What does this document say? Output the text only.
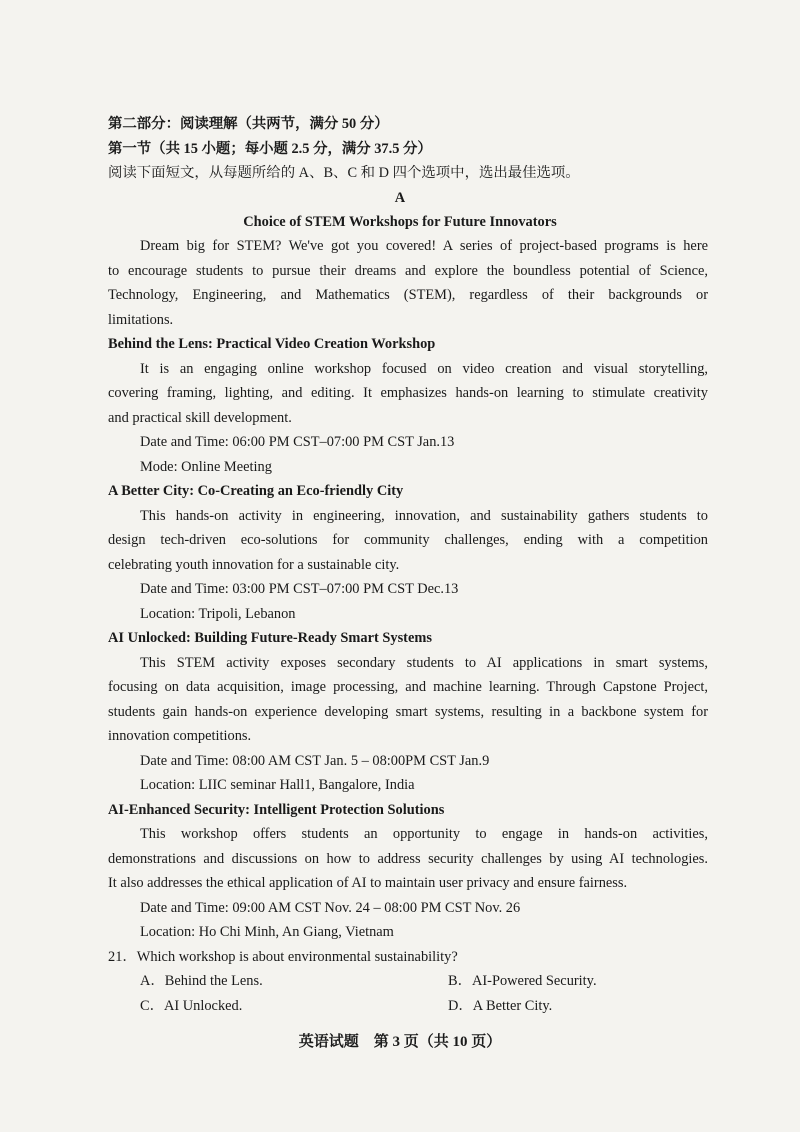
第二部分：阅读理解（共两节，满分 50 分）
第一节（共 15 小题；每小题 2.5 分，满分 37.5 分）
阅读下面短文，从每题所给的 A、B、C 和 D 四个选项中，选出最佳选项。
A
Choice of STEM Workshops for Future Innovators
Dream big for STEM? We've got you covered! A series of project-based programs is here
to encourage students to pursue their dreams and explore the boundless potential of Science,
Technology, Engineering, and Mathematics (STEM), regardless of their backgrounds or
limitations.
Behind the Lens: Practical Video Creation Workshop
It is an engaging online workshop focused on video creation and visual storytelling,
covering framing, lighting, and editing. It emphasizes hands-on learning to stimulate creativity
and practical skill development.
Date and Time: 06:00 PM CST–07:00 PM CST Jan.13
Mode: Online Meeting
A Better City: Co-Creating an Eco-friendly City
This hands-on activity in engineering, innovation, and sustainability gathers students to
design tech-driven eco-solutions for community challenges, ending with a competition
celebrating youth innovation for a sustainable city.
Date and Time: 03:00 PM CST–07:00 PM CST Dec.13
Location: Tripoli, Lebanon
AI Unlocked: Building Future-Ready Smart Systems
This STEM activity exposes secondary students to AI applications in smart systems,
focusing on data acquisition, image processing, and machine learning. Through Capstone Project,
students gain hands-on experience developing smart systems, resulting in a backbone system for
innovation competitions.
Date and Time: 08:00 AM CST Jan. 5 – 08:00PM CST Jan.9
Location: LIIC seminar Hall1, Bangalore, India
AI-Enhanced Security: Intelligent Protection Solutions
This workshop offers students an opportunity to engage in hands-on activities,
demonstrations and discussions on how to address security challenges by using AI technologies.
It also addresses the ethical application of AI to maintain user privacy and ensure fairness.
Date and Time: 09:00 AM CST Nov. 24 – 08:00 PM CST Nov. 26
Location: Ho Chi Minh, An Giang, Vietnam
21．Which workshop is about environmental sustainability?
A．Behind the Lens.	B．AI-Powered Security.
C．AI Unlocked.	D．A Better City.
英语试题　第 3 页（共 10 页）
